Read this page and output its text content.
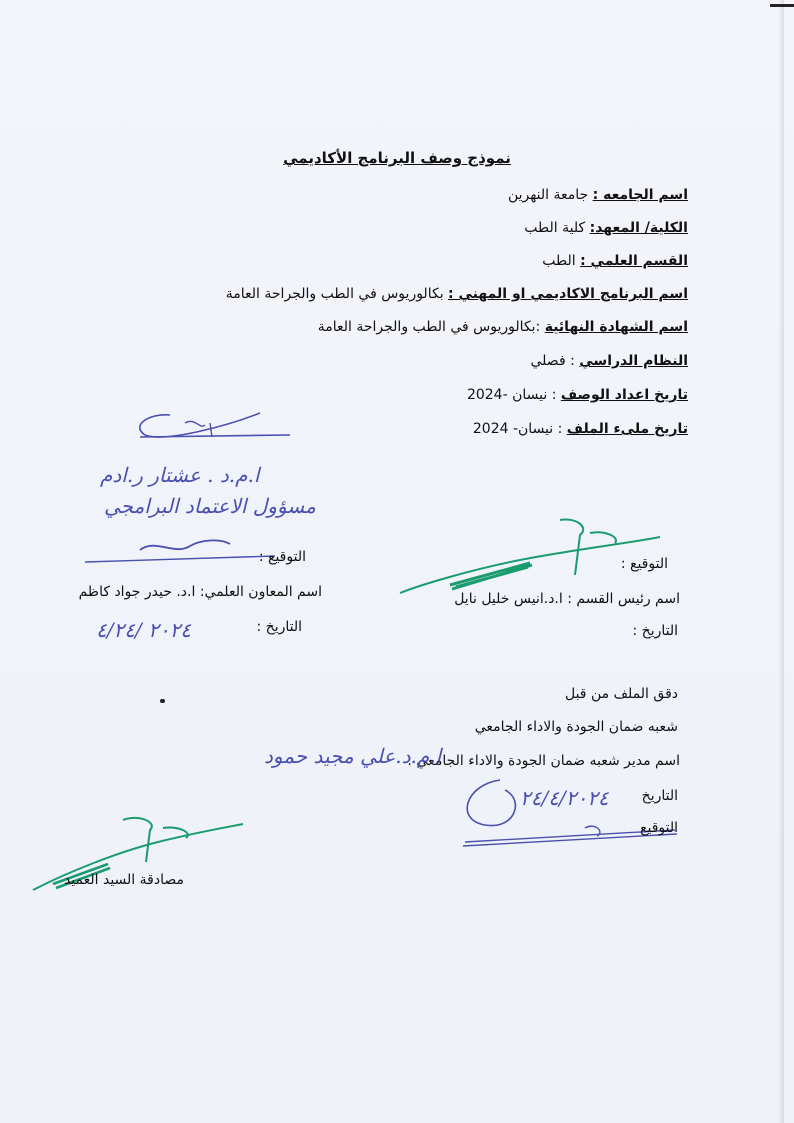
نموذج وصف البرنامج الأكاديمي
اسم الجامعه : جامعة النهرين
الكلية/ المعهد: كلية الطب
القسم العلمي : الطب
اسم البرنامج الاكاديمي او المهني : بكالوريوس في الطب والجراحة العامة
اسم الشهادة النهائية :بكالوريوس في الطب والجراحة العامة
النظام الدراسي : فصلي
تاريخ اعداد الوصف : نيسان -2024
تاريخ ملىء الملف : نيسان- 2024
ا.م.د . عشتار ر.ادم
مسؤول الاعتماد البرامجي
التوقيع :
اسم المعاون العلمي: ا.د. حيدر جواد كاظم
التاريخ :
٢٠٢٤ /٤/٢٤
التوقيع :
اسم رئيس القسم : ا.د.انيس خليل نايل
التاريخ :
دقق الملف من قبل
شعبه ضمان الجودة والاداء الجامعي
اسم مدير شعبه ضمان الجودة والاداء الجامعي :
ا.م.د.علي مجيد حمود
التاريخ
٢٤/٤/٢٠٢٤
التوقيع
مصادقة السيد العميد
